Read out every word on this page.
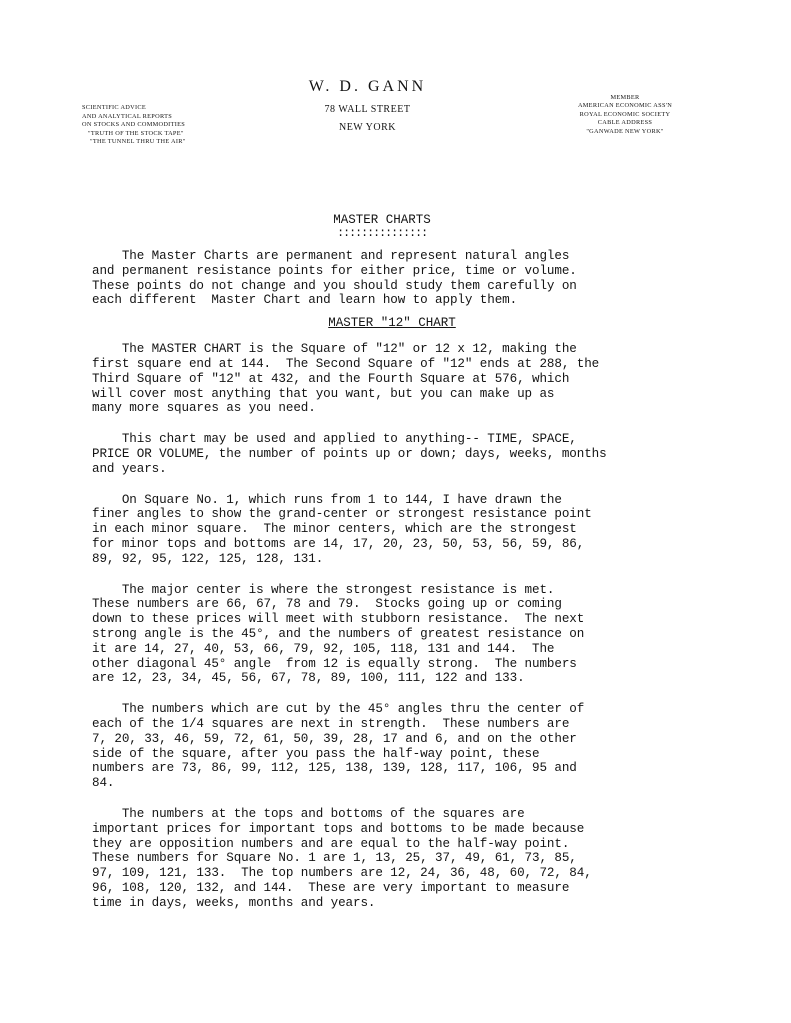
SCIENTIFIC ADVICE
AND ANALYTICAL REPORTS
ON STOCKS AND COMMODITIES
"TRUTH OF THE STOCK TAPE"
"THE TUNNEL THRU THE AIR"
W. D. GANN
78 WALL STREET
NEW YORK
MEMBER
AMERICAN ECONOMIC ASS'N
ROYAL ECONOMIC SOCIETY
CABLE ADDRESS
"GANWADE NEW YORK"
MASTER CHARTS
:::::::::::::::

The Master Charts are permanent and represent natural angles
and permanent resistance points for either price, time or volume.
These points do not change and you should study them carefully on
each different  Master Chart and learn how to apply them.

MASTER "12" CHART

The MASTER CHART is the Square of "12" or 12 x 12, making the
first square end at 144.  The Second Square of "12" ends at 288, the
Third Square of "12" at 432, and the Fourth Square at 576, which
will cover most anything that you want, but you can make up as
many more squares as you need.

This chart may be used and applied to anything-- TIME, SPACE,
PRICE OR VOLUME, the number of points up or down; days, weeks, months
and years.

On Square No. 1, which runs from 1 to 144, I have drawn the
finer angles to show the grand-center or strongest resistance point
in each minor square.  The minor centers, which are the strongest
for minor tops and bottoms are 14, 17, 20, 23, 50, 53, 56, 59, 86,
89, 92, 95, 122, 125, 128, 131.

The major center is where the strongest resistance is met.
These numbers are 66, 67, 78 and 79.  Stocks going up or coming
down to these prices will meet with stubborn resistance.  The next
strong angle is the 45°, and the numbers of greatest resistance on
it are 14, 27, 40, 53, 66, 79, 92, 105, 118, 131 and 144.  The
other diagonal 45° angle  from 12 is equally strong.  The numbers
are 12, 23, 34, 45, 56, 67, 78, 89, 100, 111, 122 and 133.

The numbers which are cut by the 45° angles thru the center of
each of the 1/4 squares are next in strength.  These numbers are
7, 20, 33, 46, 59, 72, 61, 50, 39, 28, 17 and 6, and on the other
side of the square, after you pass the half-way point, these
numbers are 73, 86, 99, 112, 125, 138, 139, 128, 117, 106, 95 and
84.

The numbers at the tops and bottoms of the squares are
important prices for important tops and bottoms to be made because
they are opposition numbers and are equal to the half-way point.
These numbers for Square No. 1 are 1, 13, 25, 37, 49, 61, 73, 85,
97, 109, 121, 133.  The top numbers are 12, 24, 36, 48, 60, 72, 84,
96, 108, 120, 132, and 144.  These are very important to measure
time in days, weeks, months and years.
